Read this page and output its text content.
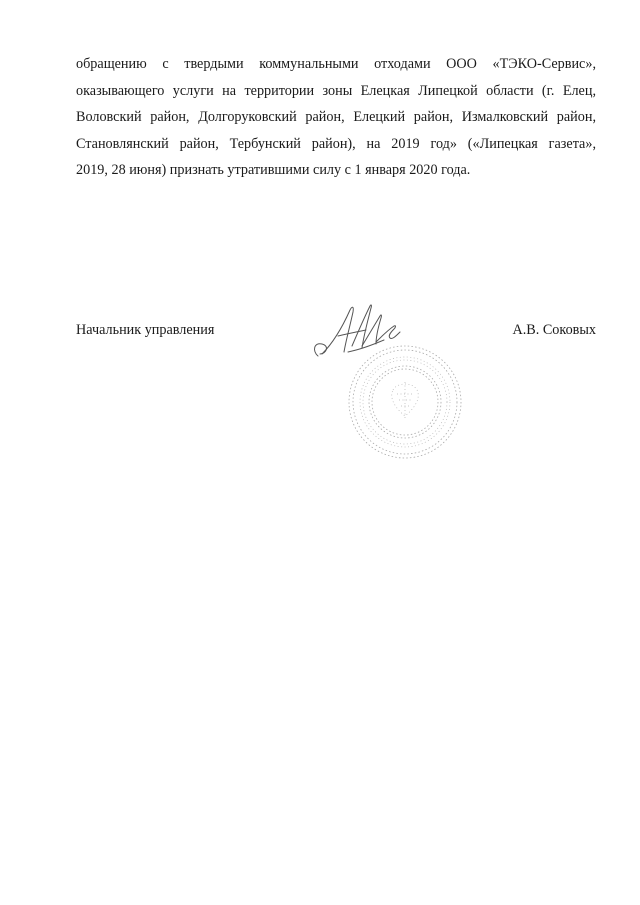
обращению с твердыми коммунальными отходами ООО «ТЭКО-Сервис»,
оказывающего услуги на территории зоны Елецкая Липецкой области (г. Елец,
Воловский район, Долгоруковский район, Елецкий район, Измалковский район,
Становлянский район, Тербунский район), на 2019 год» («Липецкая газета»,
2019, 28 июня) признать утратившими силу с 1 января 2020 года.
Начальник управления	А.В. Соковых
